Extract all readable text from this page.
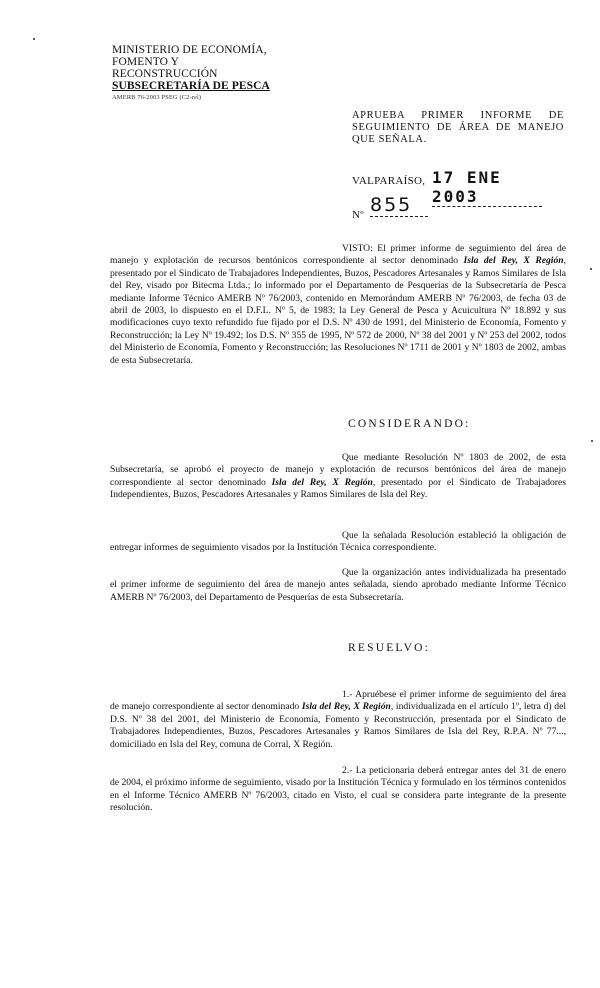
MINISTERIO DE ECONOMÍA,
FOMENTO Y RECONSTRUCCIÓN
SUBSECRETARÍA DE PESCA
AMERB 76-2003 PSEG (C2-rel)
APRUEBA PRIMER INFORME DE SEGUIMIENTO DE ÁREA DE MANEJO QUE SEÑALA.
VALPARAÍSO, 17 ENE 2003
Nº 855
VISTO: El primer informe de seguimiento del área de manejo y explotación de recursos bentónicos correspondiente al sector denominado Isla del Rey, X Región, presentado por el Sindicato de Trabajadores Independientes, Buzos, Pescadores Artesanales y Ramos Similares de Isla del Rey, visado por Bitecma Ltda.; lo informado por el Departamento de Pesquerías de la Subsecretaría de Pesca mediante Informe Técnico AMERB Nº 76/2003, contenido en Memorándum AMERB Nº 76/2003, de fecha 03 de abril de 2003, lo dispuesto en el D.F.L. Nº 5, de 1983; la Ley General de Pesca y Acuicultura Nº 18.892 y sus modificaciones cuyo texto refundido fue fijado por el D.S. Nº 430 de 1991, del Ministerio de Economía, Fomento y Reconstrucción; la Ley Nº 19.492; los D.S. Nº 355 de 1995, Nº 572 de 2000, Nº 38 del 2001 y Nº 253 del 2002, todos del Ministerio de Economía, Fomento y Reconstrucción; las Resoluciones Nº 1711 de 2001 y Nº 1803 de 2002, ambas de esta Subsecretaría.
CONSIDERANDO:
Que mediante Resolución Nº 1803 de 2002, de esta Subsecretaría, se aprobó el proyecto de manejo y explotación de recursos bentónicos del área de manejo correspondiente al sector denominado Isla del Rey, X Región, presentado por el Sindicato de Trabajadores Independientes, Buzos, Pescadores Artesanales y Ramos Similares de Isla del Rey.
Que la señalada Resolución estableció la obligación de entregar informes de seguimiento visados por la Institución Técnica correspondiente.
Que la organización antes individualizada ha presentado el primer informe de seguimiento del área de manejo antes señalada, siendo aprobado mediante Informe Técnico AMERB Nº 76/2003, del Departamento de Pesquerías de esta Subsecretaría.
RESUELVO:
1.- Apruébese el primer informe de seguimiento del área de manejo correspondiente al sector denominado Isla del Rey, X Región, individualizada en el artículo 1º, letra d) del D.S. Nº 38 del 2001, del Ministerio de Economía, Fomento y Reconstrucción, presentada por el Sindicato de Trabajadores Independientes, Buzos, Pescadores Artesanales y Ramos Similares de Isla del Rey, R.P.A. Nº 77..., domiciliado en Isla del Rey, comuna de Corral, X Región.
2.- La peticionaria deberá entregar antes del 31 de enero de 2004, el próximo informe de seguimiento, visado por la Institución Técnica y formulado en los términos contenidos en el Informe Técnico AMERB Nº 76/2003, citado en Visto, el cual se considera parte integrante de la presente resolución.
